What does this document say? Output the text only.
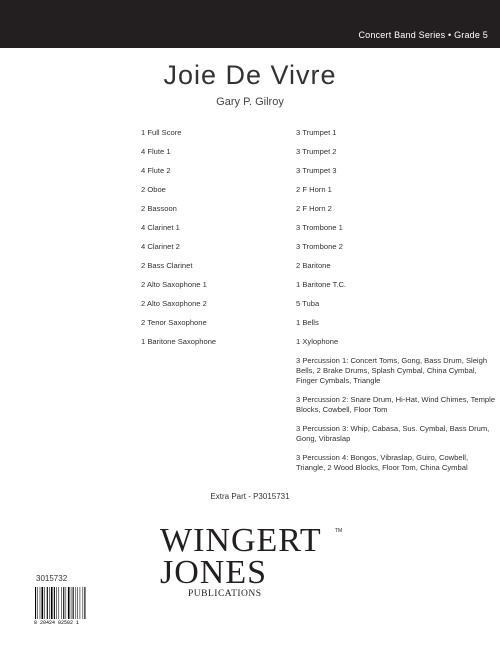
Concert Band Series • Grade 5
Joie De Vivre
Gary P. Gilroy
1 Full Score
4 Flute 1
4 Flute 2
2 Oboe
2 Bassoon
4 Clarinet 1
4 Clarinet 2
2 Bass Clarinet
2 Alto Saxophone 1
2 Alto Saxophone 2
2 Tenor Saxophone
1 Baritone Saxophone
3 Trumpet 1
3 Trumpet 2
3 Trumpet 3
2 F Horn 1
2 F Horn 2
3 Trombone 1
3 Trombone 2
2 Baritone
1 Baritone T.C.
5 Tuba
1 Bells
1 Xylophone
3 Percussion 1: Concert Toms, Gong, Bass Drum, Sleigh Bells, 2 Brake Drums, Splash Cymbal, China Cymbal, Finger Cymbals, Triangle
3 Percussion 2: Snare Drum, Hi-Hat, Wind Chimes, Temple Blocks, Cowbell, Floor Tom
3 Percussion 3: Whip, Cabasa, Sus. Cymbal, Bass Drum, Gong, Vibraslap
3 Percussion 4: Bongos, Vibraslap, Guiro, Cowbell, Triangle, 2 Wood Blocks, Floor Tom, China Cymbal
Extra Part - P3015731
WINGERT	TM
JONES
PUBLICATIONS
3015732
8 20424 02502 1
